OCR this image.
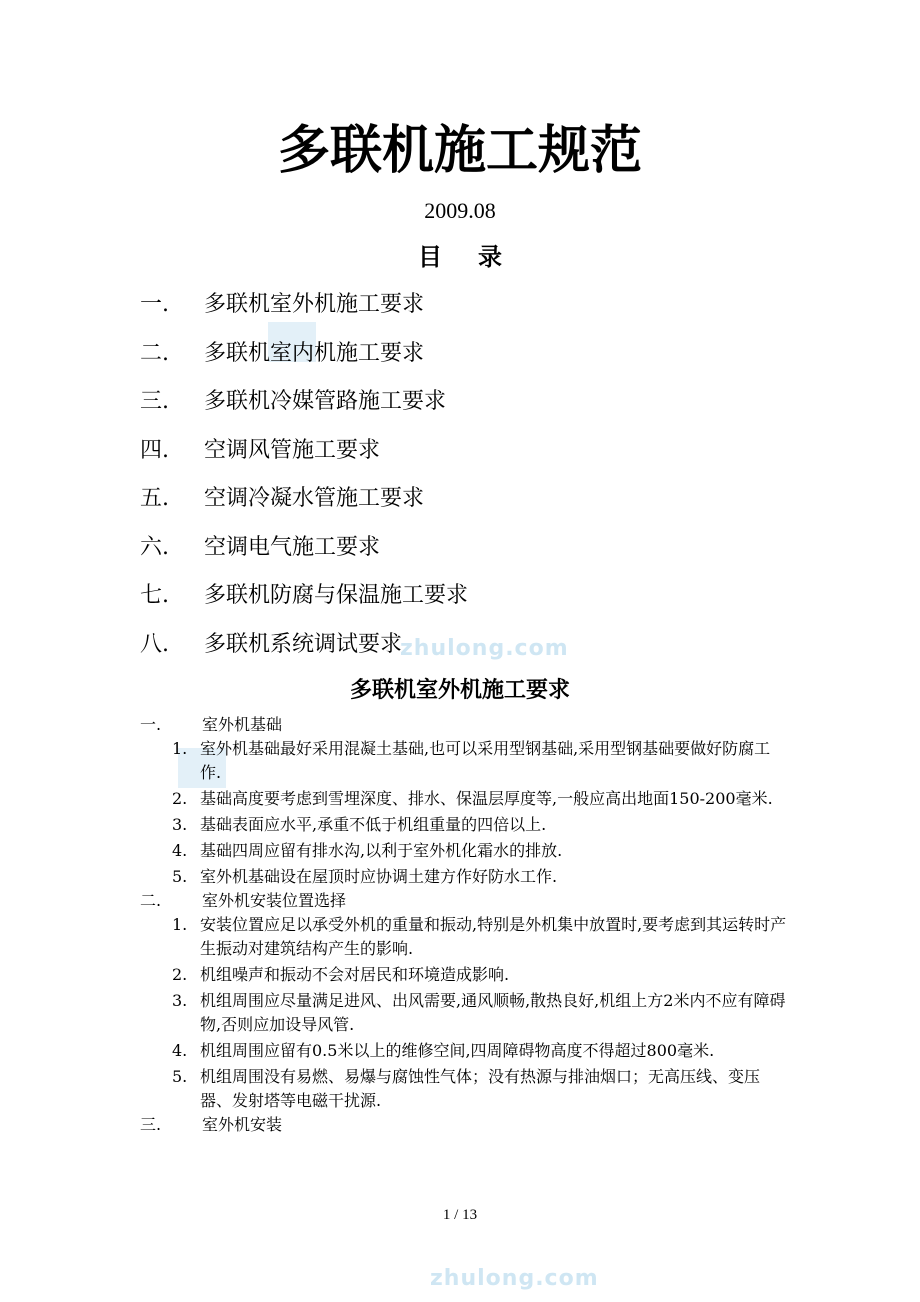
zhulong.com
zhulong.com
多联机施工规范
2009.08
目 录
一.	多联机室外机施工要求
二.	多联机室内机施工要求
三.	多联机冷媒管路施工要求
四.	空调风管施工要求
五.	空调冷凝水管施工要求
六.	空调电气施工要求
七.	多联机防腐与保温施工要求
八.	多联机系统调试要求
多联机室外机施工要求
一.	室外机基础
1. 室外机基础最好采用混凝土基础,也可以采用型钢基础,采用型钢基础要做好防腐工作.
2. 基础高度要考虑到雪埋深度、排水、保温层厚度等,一般应高出地面150-200毫米.
3. 基础表面应水平,承重不低于机组重量的四倍以上.
4. 基础四周应留有排水沟,以利于室外机化霜水的排放.
5. 室外机基础设在屋顶时应协调土建方作好防水工作.
二.	室外机安装位置选择
1. 安装位置应足以承受外机的重量和振动,特别是外机集中放置时,要考虑到其运转时产生振动对建筑结构产生的影响.
2. 机组噪声和振动不会对居民和环境造成影响.
3. 机组周围应尽量满足进风、出风需要,通风顺畅,散热良好,机组上方2米内不应有障碍物,否则应加设导风管.
4. 机组周围应留有0.5米以上的维修空间,四周障碍物高度不得超过800毫米.
5. 机组周围没有易燃、易爆与腐蚀性气体；没有热源与排油烟口；无高压线、变压器、发射塔等电磁干扰源.
三.	室外机安装
1 / 13
